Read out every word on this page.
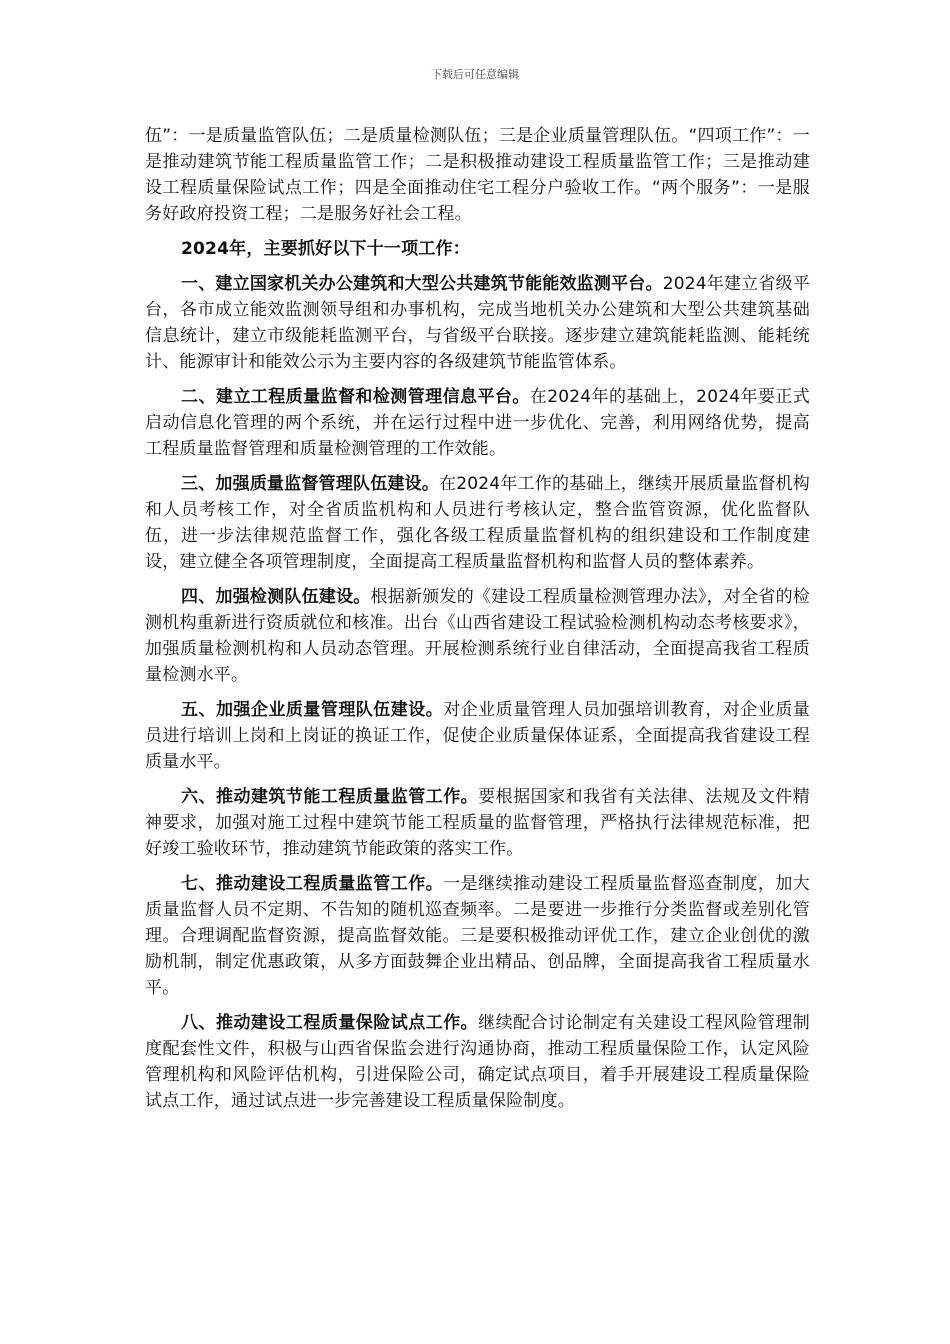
下载后可任意编辑

伍”：一是质量监管队伍；二是质量检测队伍；三是企业质量管理队伍。“四项工作”：一是推动建筑节能工程质量监管工作；二是积极推动建设工程质量监管工作；三是推动建设工程质量保险试点工作；四是全面推动住宅工程分户验收工作。“两个服务”：一是服务好政府投资工程；二是服务好社会工程。

2024年，主要抓好以下十一项工作：

一、建立国家机关办公建筑和大型公共建筑节能能效监测平台。2024年建立省级平台，各市成立能效监测领导组和办事机构，完成当地机关办公建筑和大型公共建筑基础信息统计，建立市级能耗监测平台，与省级平台联接。逐步建立建筑能耗监测、能耗统计、能源审计和能效公示为主要内容的各级建筑节能监管体系。

二、建立工程质量监督和检测管理信息平台。在2024年的基础上，2024年要正式启动信息化管理的两个系统，并在运行过程中进一步优化、完善，利用网络优势，提高工程质量监督管理和质量检测管理的工作效能。

三、加强质量监督管理队伍建设。在2024年工作的基础上，继续开展质量监督机构和人员考核工作，对全省质监机构和人员进行考核认定，整合监管资源，优化监督队伍，进一步法律规范监督工作，强化各级工程质量监督机构的组织建设和工作制度建设，建立健全各项管理制度，全面提高工程质量监督机构和监督人员的整体素养。

四、加强检测队伍建设。根据新颁发的《建设工程质量检测管理办法》，对全省的检测机构重新进行资质就位和核准。出台《山西省建设工程试验检测机构动态考核要求》，加强质量检测机构和人员动态管理。开展检测系统行业自律活动，全面提高我省工程质量检测水平。

五、加强企业质量管理队伍建设。对企业质量管理人员加强培训教育，对企业质量员进行培训上岗和上岗证的换证工作，促使企业质量保体证系，全面提高我省建设工程质量水平。

六、推动建筑节能工程质量监管工作。要根据国家和我省有关法律、法规及文件精神要求，加强对施工过程中建筑节能工程质量的监督管理，严格执行法律规范标准，把好竣工验收环节，推动建筑节能政策的落实工作。

七、推动建设工程质量监管工作。一是继续推动建设工程质量监督巡查制度，加大质量监督人员不定期、不告知的随机巡查频率。二是要进一步推行分类监督或差别化管理。合理调配监督资源，提高监督效能。三是要积极推动评优工作，建立企业创优的激励机制，制定优惠政策，从多方面鼓舞企业出精品、创品牌，全面提高我省工程质量水平。

八、推动建设工程质量保险试点工作。继续配合讨论制定有关建设工程风险管理制度配套性文件，积极与山西省保监会进行沟通协商，推动工程质量保险工作，认定风险管理机构和风险评估机构，引进保险公司，确定试点项目，着手开展建设工程质量保险试点工作，通过试点进一步完善建设工程质量保险制度。
